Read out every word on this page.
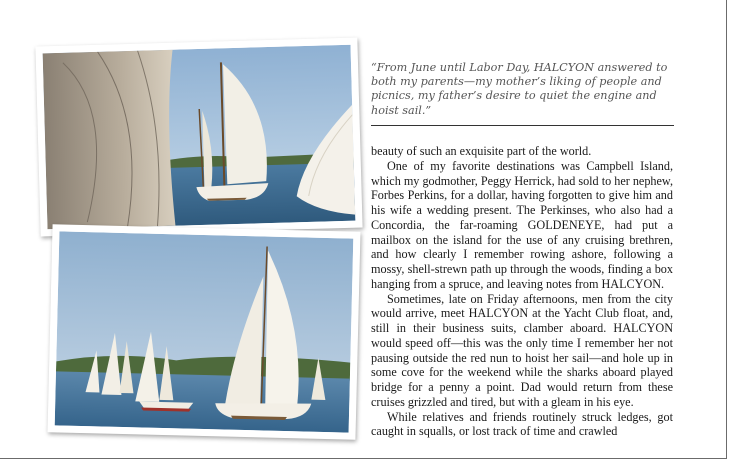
“From June until Labor Day, HALCYON answered to both my parents—my mother’s liking of people and picnics, my father’s desire to quiet the engine and hoist sail.”

beauty of such an exquisite part of the world.

One of my favorite destinations was Campbell Island, which my godmother, Peggy Herrick, had sold to her nephew, Forbes Perkins, for a dollar, having forgotten to give him and his wife a wedding present. The Perkinses, who also had a Concordia, the far-roaming GOLDENEYE, had put a mailbox on the island for the use of any cruising brethren, and how clearly I remember rowing ashore, following a mossy, shell-strewn path up through the woods, finding a box hanging from a spruce, and leaving notes from HALCYON.

Sometimes, late on Friday afternoons, men from the city would arrive, meet HALCYON at the Yacht Club float, and, still in their business suits, clamber aboard. HALCYON would speed off—this was the only time I remember her not pausing outside the red nun to hoist her sail—and hole up in some cove for the weekend while the sharks aboard played bridge for a penny a point. Dad would return from these cruises grizzled and tired, but with a gleam in his eye.

While relatives and friends routinely struck ledges, got caught in squalls, or lost track of time and crawled
